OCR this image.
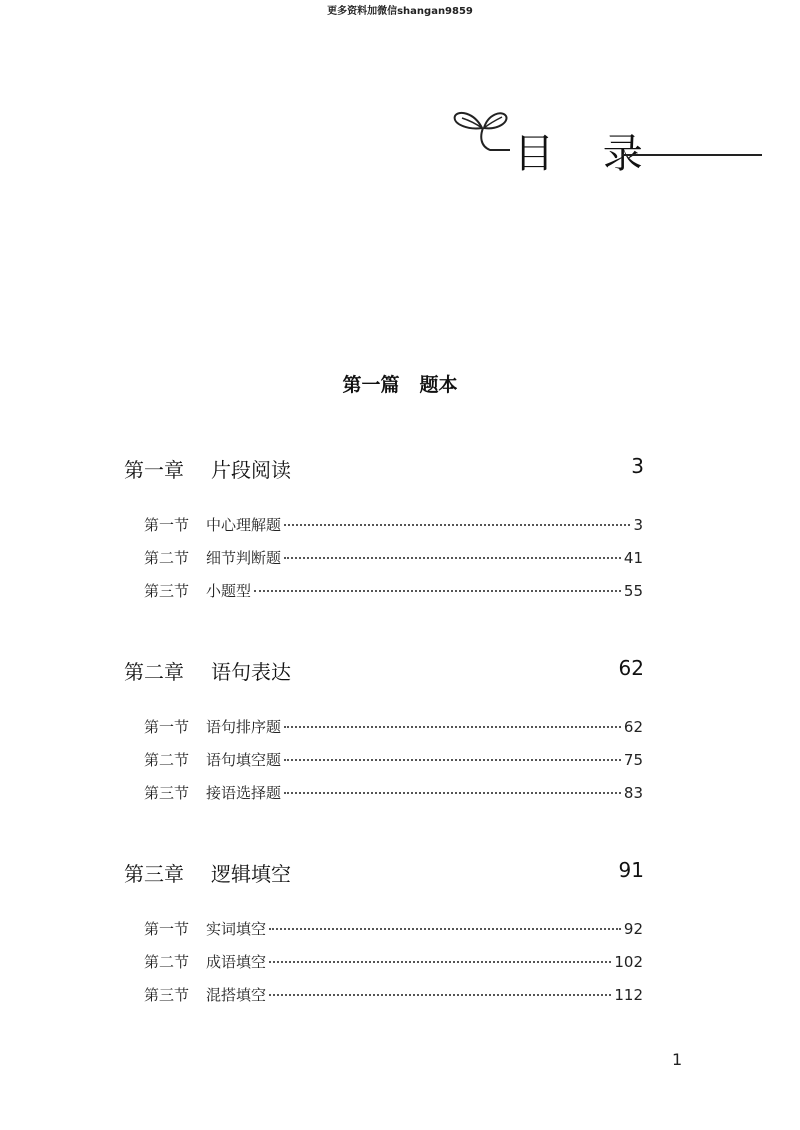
更多资料加微信shangan9859
目 录
第一篇 题本
第一章 片段阅读	3
第一节	中心理解题	3
第二节	细节判断题	41
第三节	小题型	55
第二章 语句表达	62
第一节	语句排序题	62
第二节	语句填空题	75
第三节	接语选择题	83
第三章 逻辑填空	91
第一节	实词填空	92
第二节	成语填空	102
第三节	混搭填空	112
1
